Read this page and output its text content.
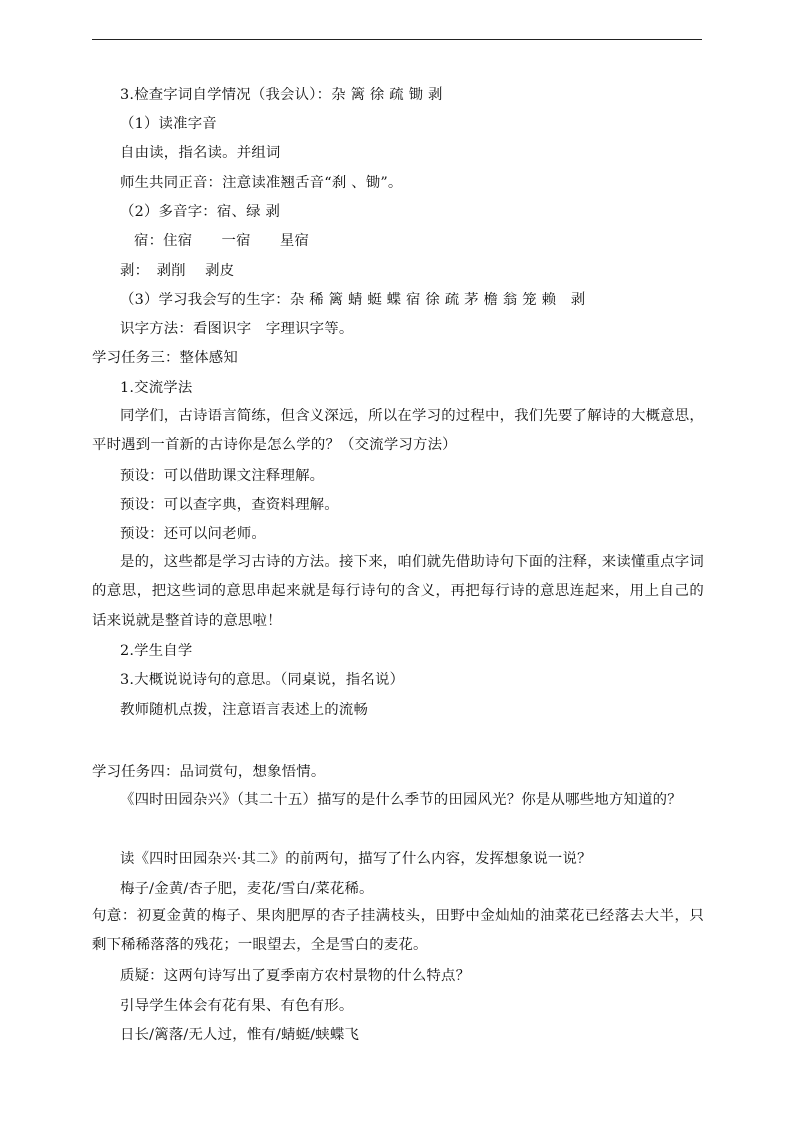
3.检查字词自学情况（我会认）：杂 篱 徐 疏 锄 剥

（1）读准字音

自由读，指名读。并组词

师生共同正音：注意读准翘舌音“刹 、锄”。

（2）多音字：宿、绿 剥

宿：住宿　　一宿　　星宿

剥：　剥削　 剥皮

（3）学习我会写的生字：杂 稀 篱 蜻 蜓 蝶 宿 徐 疏 茅 檐 翁 笼 赖　剥

识字方法：看图识字　字理识字等。

学习任务三：整体感知

1.交流学法

同学们，古诗语言简练，但含义深远，所以在学习的过程中，我们先要了解诗的大概意思，平时遇到一首新的古诗你是怎么学的？（交流学习方法）

预设：可以借助课文注释理解。

预设：可以查字典，查资料理解。

预设：还可以问老师。

是的，这些都是学习古诗的方法。接下来，咱们就先借助诗句下面的注释，来读懂重点字词的意思，把这些词的意思串起来就是每行诗句的含义，再把每行诗的意思连起来，用上自己的话来说就是整首诗的意思啦！

2.学生自学

3.大概说说诗句的意思。（同桌说，指名说）

教师随机点拨，注意语言表述上的流畅

学习任务四：品词赏句，想象悟情。

《四时田园杂兴》（其二十五）描写的是什么季节的田园风光？你是从哪些地方知道的？

读《四时田园杂兴·其二》的前两句，描写了什么内容，发挥想象说一说？

梅子/金黄/杏子肥，麦花/雪白/菜花稀。

句意：初夏金黄的梅子、果肉肥厚的杏子挂满枝头，田野中金灿灿的油菜花已经落去大半，只剩下稀稀落落的残花；一眼望去，全是雪白的麦花。

质疑：这两句诗写出了夏季南方农村景物的什么特点？

引导学生体会有花有果、有色有形。

日长/篱落/无人过，惟有/蜻蜓/蛱蝶飞
